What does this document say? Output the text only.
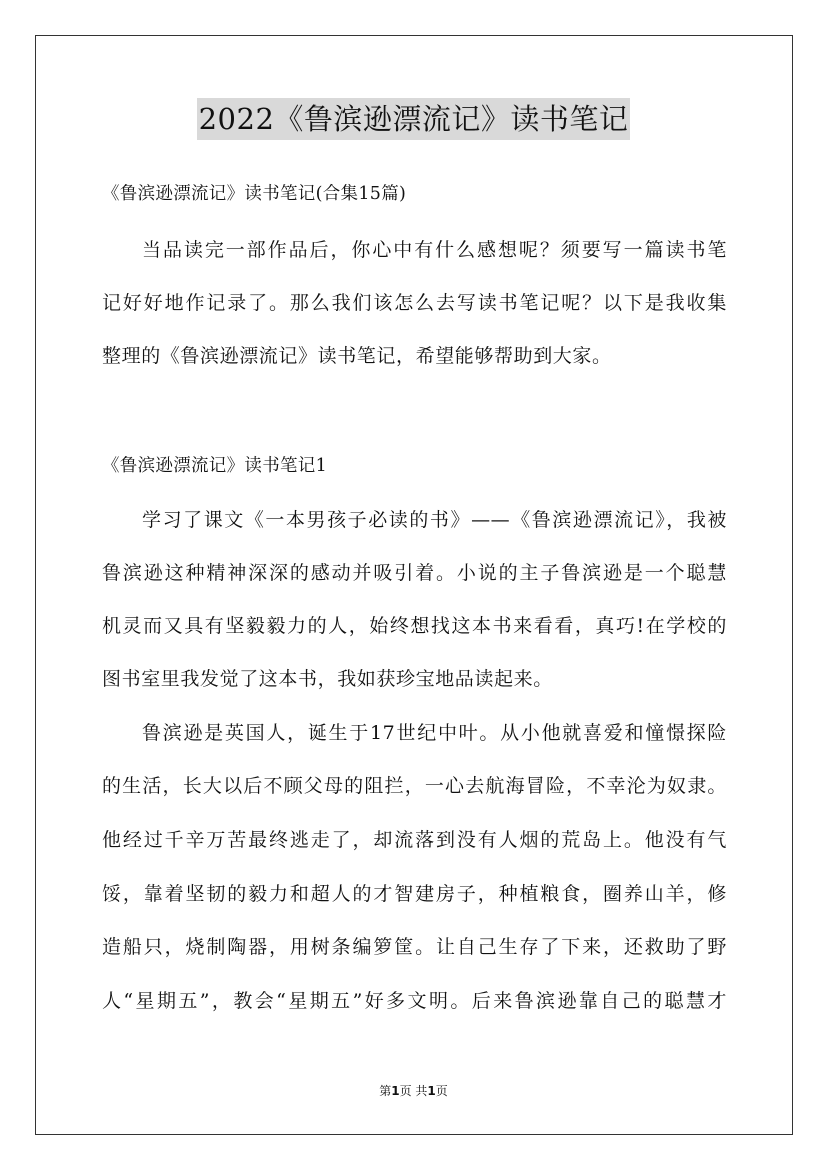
2022《鲁滨逊漂流记》读书笔记
《鲁滨逊漂流记》读书笔记(合集15篇)
当品读完一部作品后，你心中有什么感想呢？须要写一篇读书笔
记好好地作记录了。那么我们该怎么去写读书笔记呢？以下是我收集
整理的《鲁滨逊漂流记》读书笔记，希望能够帮助到大家。
《鲁滨逊漂流记》读书笔记1
学习了课文《一本男孩子必读的书》——《鲁滨逊漂流记》，我被
鲁滨逊这种精神深深的感动并吸引着。小说的主子鲁滨逊是一个聪慧
机灵而又具有坚毅毅力的人，始终想找这本书来看看，真巧!在学校的
图书室里我发觉了这本书，我如获珍宝地品读起来。
鲁滨逊是英国人，诞生于17世纪中叶。从小他就喜爱和憧憬探险
的生活，长大以后不顾父母的阻拦，一心去航海冒险，不幸沦为奴隶。
他经过千辛万苦最终逃走了，却流落到没有人烟的荒岛上。他没有气
馁，靠着坚韧的毅力和超人的才智建房子，种植粮食，圈养山羊，修
造船只，烧制陶器，用树条编箩筐。让自己生存了下来，还救助了野
人“星期五”，教会“星期五”好多文明。后来鲁滨逊靠自己的聪慧才
第1页 共1页
